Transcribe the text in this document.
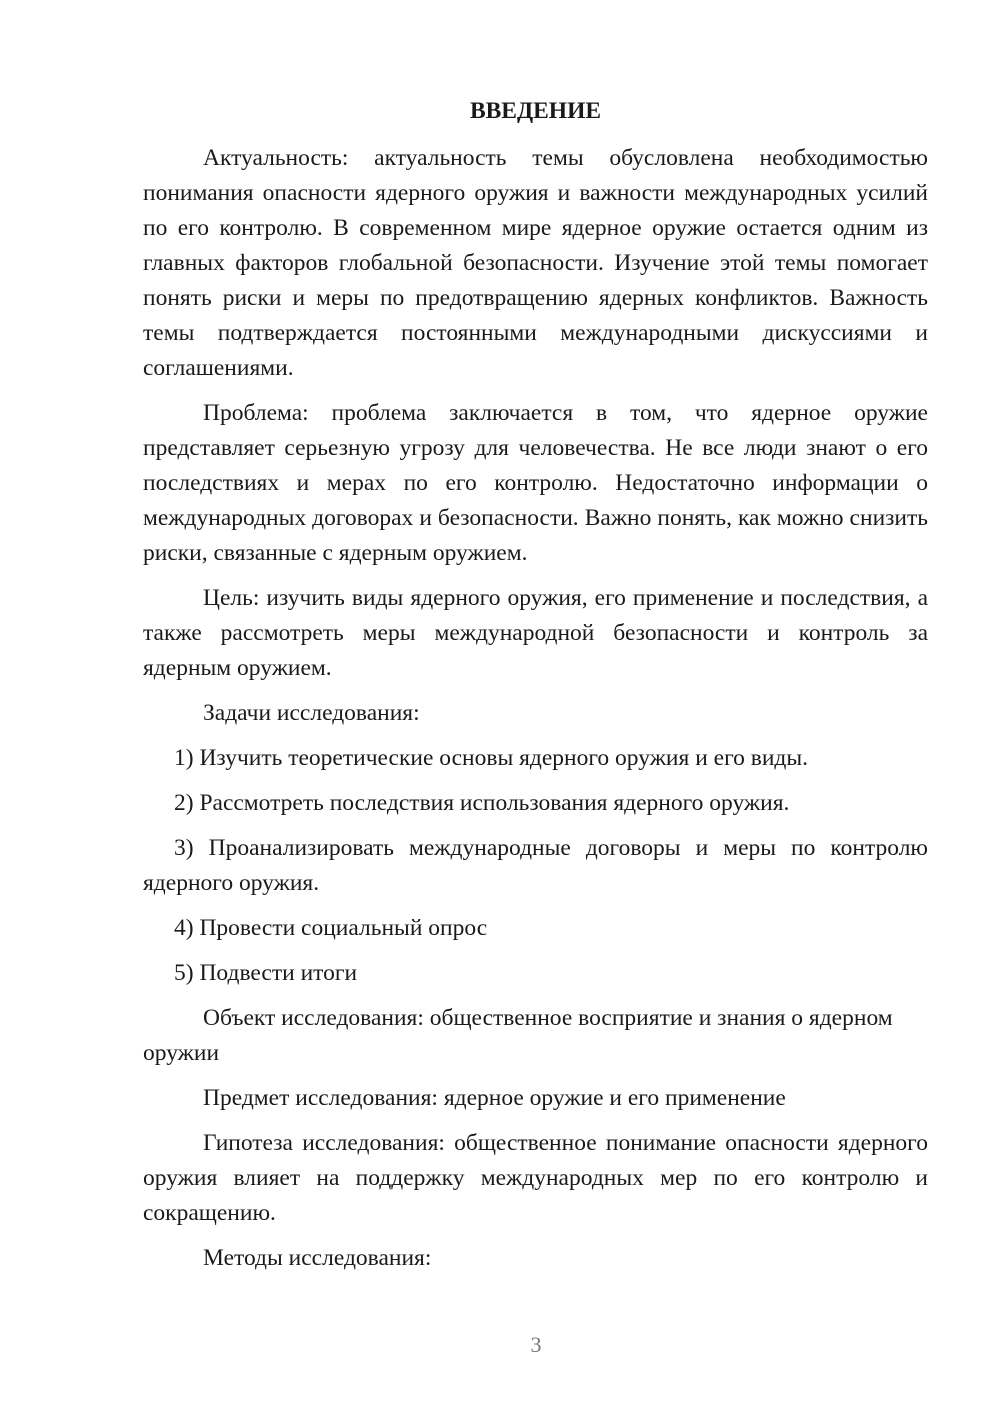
ВВЕДЕНИЕ

Актуальность: актуальность темы обусловлена необходимостью понимания опасности ядерного оружия и важности международных усилий по его контролю. В современном мире ядерное оружие остается одним из главных факторов глобальной безопасности. Изучение этой темы помогает понять риски и меры по предотвращению ядерных конфликтов. Важность темы подтверждается постоянными международными дискуссиями и соглашениями.

Проблема: проблема заключается в том, что ядерное оружие представляет серьезную угрозу для человечества. Не все люди знают о его последствиях и мерах по его контролю. Недостаточно информации о международных договорах и безопасности. Важно понять, как можно снизить риски, связанные с ядерным оружием.

Цель: изучить виды ядерного оружия, его применение и последствия, а также рассмотреть меры международной безопасности и контроль за ядерным оружием.

Задачи исследования:

1) Изучить теоретические основы ядерного оружия и его виды.

2) Рассмотреть последствия использования ядерного оружия.

3) Проанализировать международные договоры и меры по контролю ядерного оружия.

4) Провести социальный опрос

5) Подвести итоги

Объект исследования: общественное восприятие и знания о ядерном оружии

Предмет исследования: ядерное оружие и его применение

Гипотеза исследования: общественное понимание опасности ядерного оружия влияет на поддержку международных мер по его контролю и сокращению.

Методы исследования:

3
